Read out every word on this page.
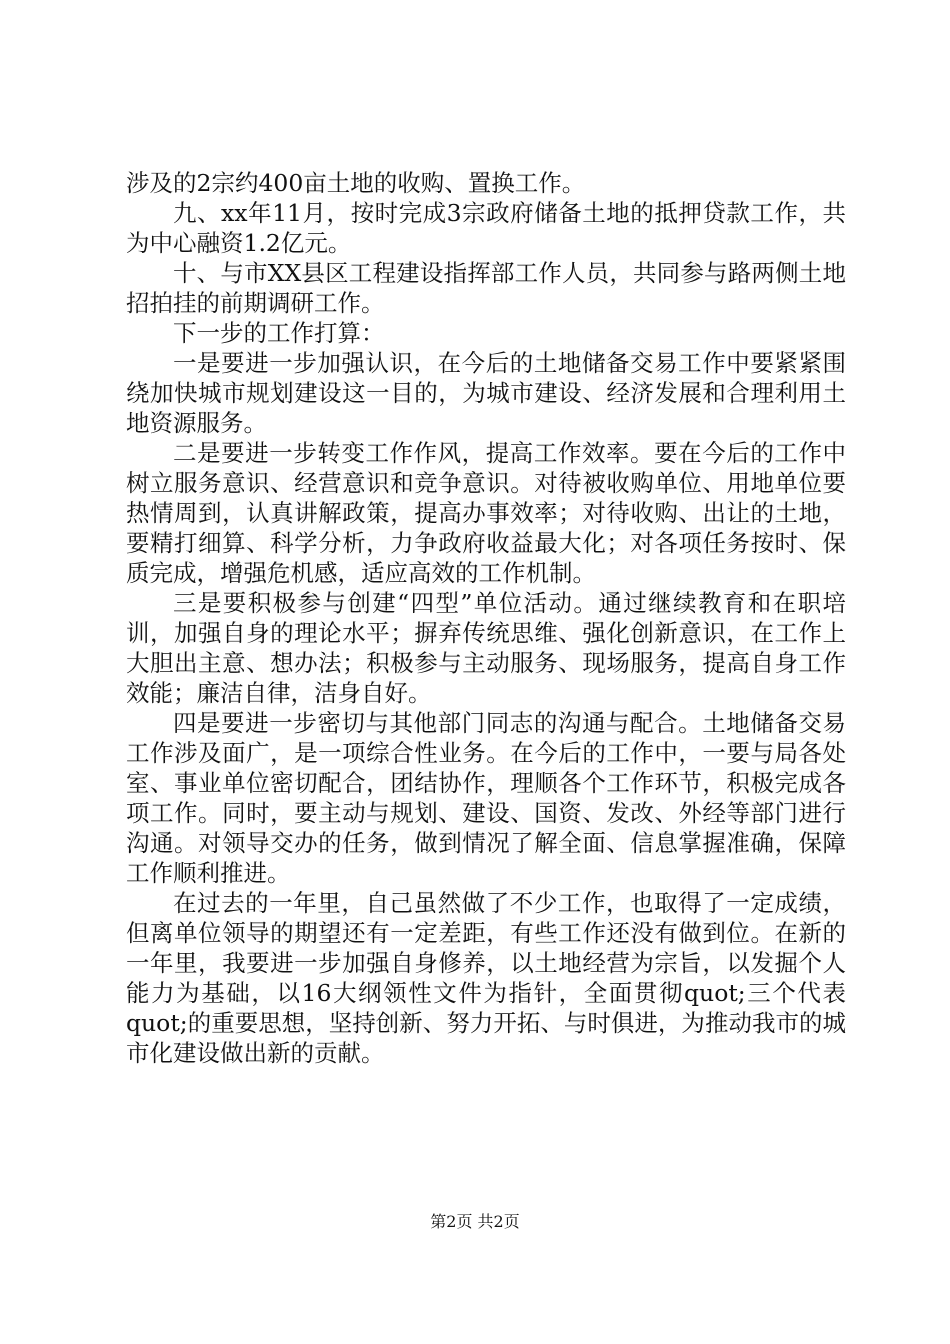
涉及的2宗约400亩土地的收购、置换工作。

九、xx年11月，按时完成3宗政府储备土地的抵押贷款工作，共为中心融资1.2亿元。

十、与市XX县区工程建设指挥部工作人员，共同参与路两侧土地招拍挂的前期调研工作。

下一步的工作打算：

一是要进一步加强认识，在今后的土地储备交易工作中要紧紧围绕加快城市规划建设这一目的，为城市建设、经济发展和合理利用土地资源服务。

二是要进一步转变工作作风，提高工作效率。要在今后的工作中树立服务意识、经营意识和竞争意识。对待被收购单位、用地单位要热情周到，认真讲解政策，提高办事效率；对待收购、出让的土地，要精打细算、科学分析，力争政府收益最大化；对各项任务按时、保质完成，增强危机感，适应高效的工作机制。

三是要积极参与创建“四型”单位活动。通过继续教育和在职培训，加强自身的理论水平；摒弃传统思维、强化创新意识，在工作上大胆出主意、想办法；积极参与主动服务、现场服务，提高自身工作效能；廉洁自律，洁身自好。

四是要进一步密切与其他部门同志的沟通与配合。土地储备交易工作涉及面广，是一项综合性业务。在今后的工作中，一要与局各处室、事业单位密切配合，团结协作，理顺各个工作环节，积极完成各项工作。同时，要主动与规划、建设、国资、发改、外经等部门进行沟通。对领导交办的任务，做到情况了解全面、信息掌握准确，保障工作顺利推进。

在过去的一年里，自己虽然做了不少工作，也取得了一定成绩，但离单位领导的期望还有一定差距，有些工作还没有做到位。在新的一年里，我要进一步加强自身修养，以土地经营为宗旨，以发掘个人能力为基础，以16大纲领性文件为指针，全面贯彻quot;三个代表quot;的重要思想，坚持创新、努力开拓、与时俱进，为推动我市的城市化建设做出新的贡献。

第2页 共2页
